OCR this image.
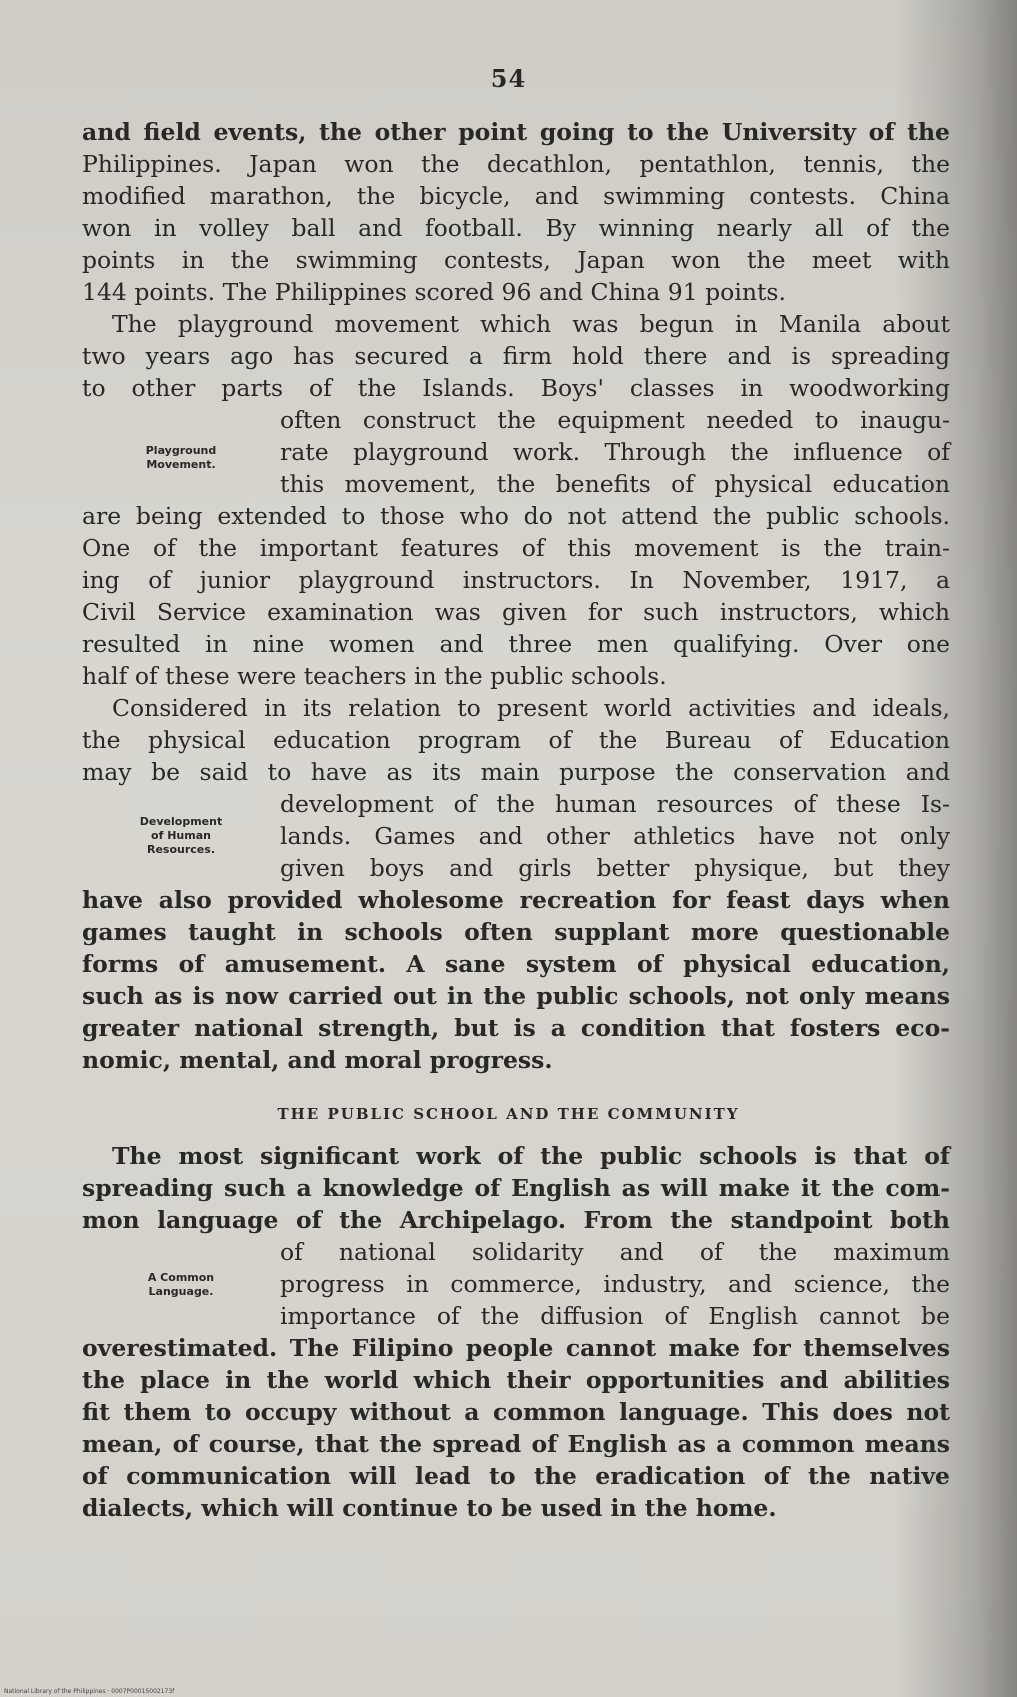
54
and field events, the other point going to the University of the
Philippines. Japan won the decathlon, pentathlon, tennis, the
modified marathon, the bicycle, and swimming contests. China
won in volley ball and football. By winning nearly all of the
points in the swimming contests, Japan won the meet with
144 points. The Philippines scored 96 and China 91 points.
The playground movement which was begun in Manila about
two years ago has secured a firm hold there and is spreading
to other parts of the Islands. Boys' classes in woodworking
often construct the equipment needed to inaugu-
rate playground work. Through the influence of
this movement, the benefits of physical education
are being extended to those who do not attend the public schools.
One of the important features of this movement is the train-
ing of junior playground instructors. In November, 1917, a
Civil Service examination was given for such instructors, which
resulted in nine women and three men qualifying. Over one
half of these were teachers in the public schools.
Considered in its relation to present world activities and ideals,
the physical education program of the Bureau of Education
may be said to have as its main purpose the conservation and
development of the human resources of these Is-
lands. Games and other athletics have not only
given boys and girls better physique, but they
have also provided wholesome recreation for feast days when
games taught in schools often supplant more questionable
forms of amusement. A sane system of physical education,
such as is now carried out in the public schools, not only means
greater national strength, but is a condition that fosters eco-
nomic, mental, and moral progress.
The most significant work of the public schools is that of
spreading such a knowledge of English as will make it the com-
mon language of the Archipelago. From the standpoint both
of national solidarity and of the maximum
progress in commerce, industry, and science, the
importance of the diffusion of English cannot be
overestimated. The Filipino people cannot make for themselves
the place in the world which their opportunities and abilities
fit them to occupy without a common language. This does not
mean, of course, that the spread of English as a common means
of communication will lead to the eradication of the native
dialects, which will continue to be used in the home.
Playground
Movement.
Development
of Human
Resources.
A Common
Language.
THE PUBLIC SCHOOL AND THE COMMUNITY
National Library of the Philippines · 0007P00015002173f
